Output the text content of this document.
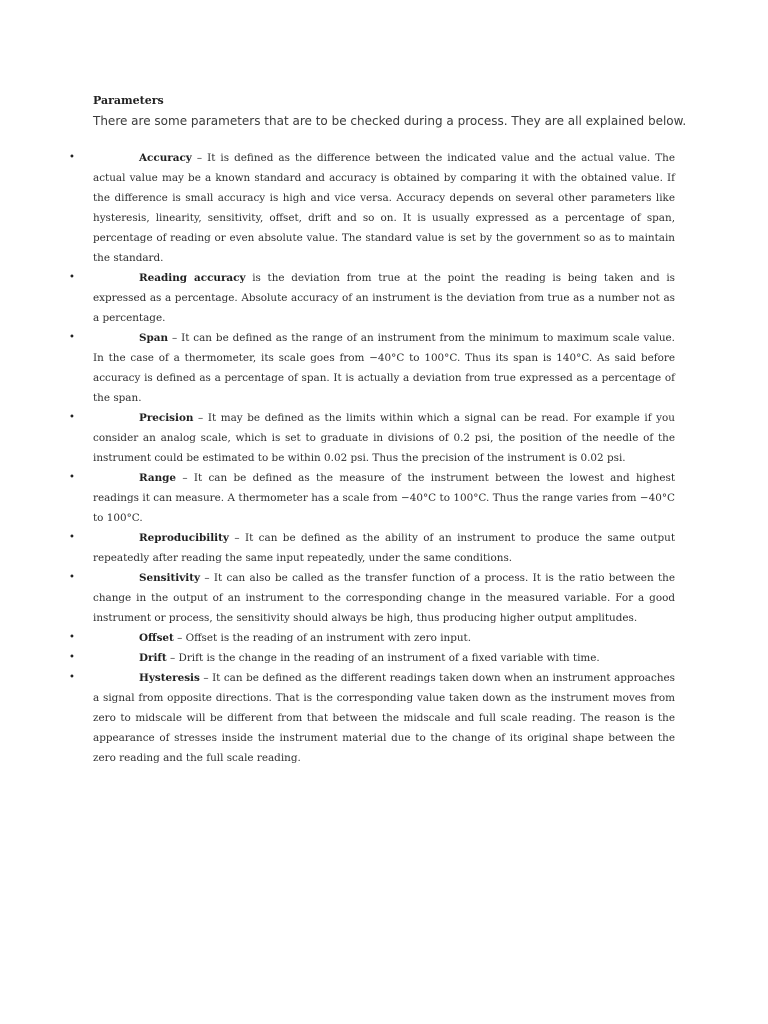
Parameters
There are some parameters that are to be checked during a process. They are all explained below.
•	Accuracy – It is defined as the difference between the indicated value and the actual value. The actual value may be a known standard and accuracy is obtained by comparing it with the obtained value. If the difference is small accuracy is high and vice versa. Accuracy depends on several other parameters like hysteresis, linearity, sensitivity, offset, drift and so on. It is usually expressed as a percentage of span, percentage of reading or even absolute value. The standard value is set by the government so as to maintain the standard.
•	Reading accuracy is the deviation from true at the point the reading is being taken and is expressed as a percentage. Absolute accuracy of an instrument is the deviation from true as a number not as a percentage.
•	Span – It can be defined as the range of an instrument from the minimum to maximum scale value. In the case of a thermometer, its scale goes from −40°C to 100°C. Thus its span is 140°C. As said before accuracy is defined as a percentage of span. It is actually a deviation from true expressed as a percentage of the span.
•	Precision – It may be defined as the limits within which a signal can be read. For example if you consider an analog scale, which is set to graduate in divisions of 0.2 psi, the position of the needle of the instrument could be estimated to be within 0.02 psi. Thus the precision of the instrument is 0.02 psi.
•	Range – It can be defined as the measure of the instrument between the lowest and highest readings it can measure. A thermometer has a scale from −40°C to 100°C. Thus the range varies from −40°C to 100°C.
•	Reproducibility – It can be defined as the ability of an instrument to produce the same output repeatedly after reading the same input repeatedly, under the same conditions.
•	Sensitivity – It can also be called as the transfer function of a process. It is the ratio between the change in the output of an instrument to the corresponding change in the measured variable. For a good instrument or process, the sensitivity should always be high, thus producing higher output amplitudes.
•	Offset – Offset is the reading of an instrument with zero input.
•	Drift – Drift is the change in the reading of an instrument of a fixed variable with time.
•	Hysteresis – It can be defined as the different readings taken down when an instrument approaches a signal from opposite directions. That is the corresponding value taken down as the instrument moves from zero to midscale will be different from that between the midscale and full scale reading. The reason is the appearance of stresses inside the instrument material due to the change of its original shape between the zero reading and the full scale reading.
